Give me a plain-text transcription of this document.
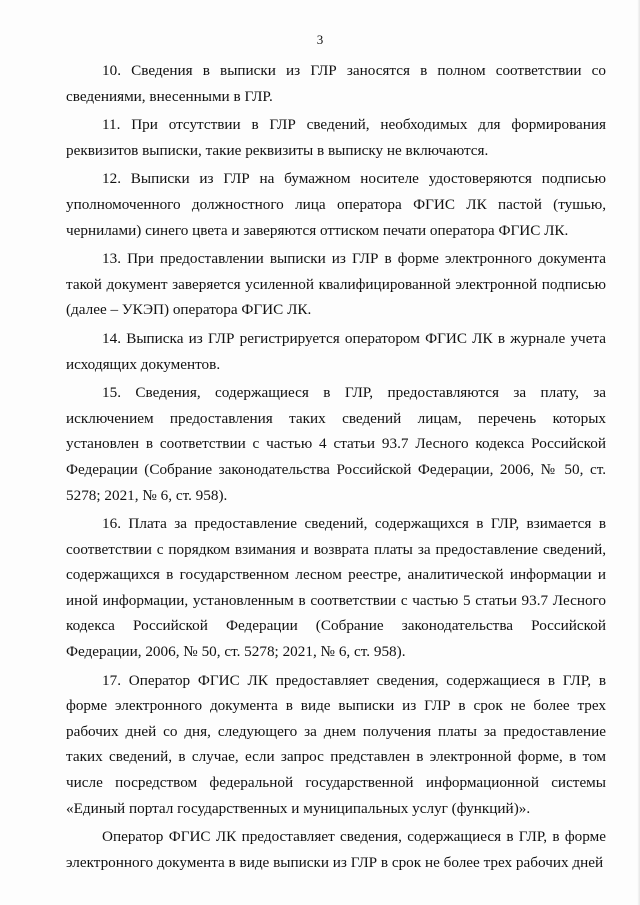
3

10. Сведения в выписки из ГЛР заносятся в полном соответствии со сведениями, внесенными в ГЛР.

11. При отсутствии в ГЛР сведений, необходимых для формирования реквизитов выписки, такие реквизиты в выписку не включаются.

12. Выписки из ГЛР на бумажном носителе удостоверяются подписью уполномоченного должностного лица оператора ФГИС ЛК пастой (тушью, чернилами) синего цвета и заверяются оттиском печати оператора ФГИС ЛК.

13. При предоставлении выписки из ГЛР в форме электронного документа такой документ заверяется усиленной квалифицированной электронной подписью (далее – УКЭП) оператора ФГИС ЛК.

14. Выписка из ГЛР регистрируется оператором ФГИС ЛК в журнале учета исходящих документов.

15. Сведения, содержащиеся в ГЛР, предоставляются за плату, за исключением предоставления таких сведений лицам, перечень которых установлен в соответствии с частью 4 статьи 93.7 Лесного кодекса Российской Федерации (Собрание законодательства Российской Федерации, 2006, № 50, ст. 5278; 2021, № 6, ст. 958).

16. Плата за предоставление сведений, содержащихся в ГЛР, взимается в соответствии с порядком взимания и возврата платы за предоставление сведений, содержащихся в государственном лесном реестре, аналитической информации и иной информации, установленным в соответствии с частью 5 статьи 93.7 Лесного кодекса Российской Федерации (Собрание законодательства Российской Федерации, 2006, № 50, ст. 5278; 2021, № 6, ст. 958).

17. Оператор ФГИС ЛК предоставляет сведения, содержащиеся в ГЛР, в форме электронного документа в виде выписки из ГЛР в срок не более трех рабочих дней со дня, следующего за днем получения платы за предоставление таких сведений, в случае, если запрос представлен в электронной форме, в том числе посредством федеральной государственной информационной системы «Единый портал государственных и муниципальных услуг (функций)».

Оператор ФГИС ЛК предоставляет сведения, содержащиеся в ГЛР, в форме электронного документа в виде выписки из ГЛР в срок не более трех рабочих дней
